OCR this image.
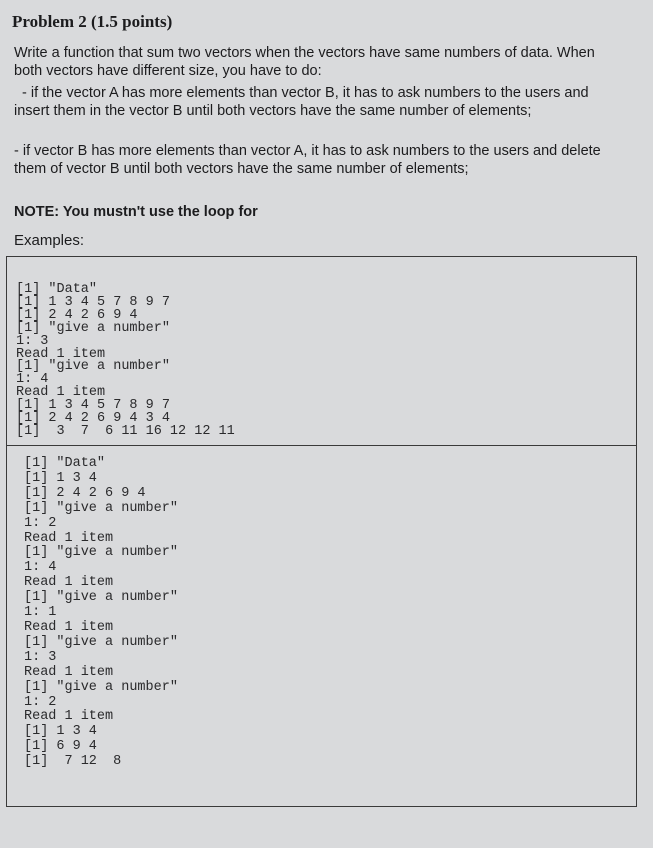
Problem 2 (1.5 points)

Write a function that sum two vectors when the vectors have same numbers of data. When both vectors have different size, you have to do:

- if the vector A has more elements than vector B, it has to ask numbers to the users and insert them in the vector B until both vectors have the same number of elements;

- if vector B has more elements than vector A, it has to ask numbers to the users and delete them of vector B until both vectors have the same number of elements;

NOTE: You mustn't use the loop for
Examples:
[1] "Data"
[1] 1 3 4 5 7 8 9 7
[1] 2 4 2 6 9 4
[1] "give a number"
1: 3
Read 1 item
[1] "give a number"
1: 4
Read 1 item
[1] 1 3 4 5 7 8 9 7
[1] 2 4 2 6 9 4 3 4
[1]  3  7  6 11 16 12 12 11
[1] "Data"
[1] 1 3 4
[1] 2 4 2 6 9 4
[1] "give a number"
1: 2
Read 1 item
[1] "give a number"
1: 4
Read 1 item
[1] "give a number"
1: 1
Read 1 item
[1] "give a number"
1: 3
Read 1 item
[1] "give a number"
1: 2
Read 1 item
[1] 1 3 4
[1] 6 9 4
[1]  7 12  8
